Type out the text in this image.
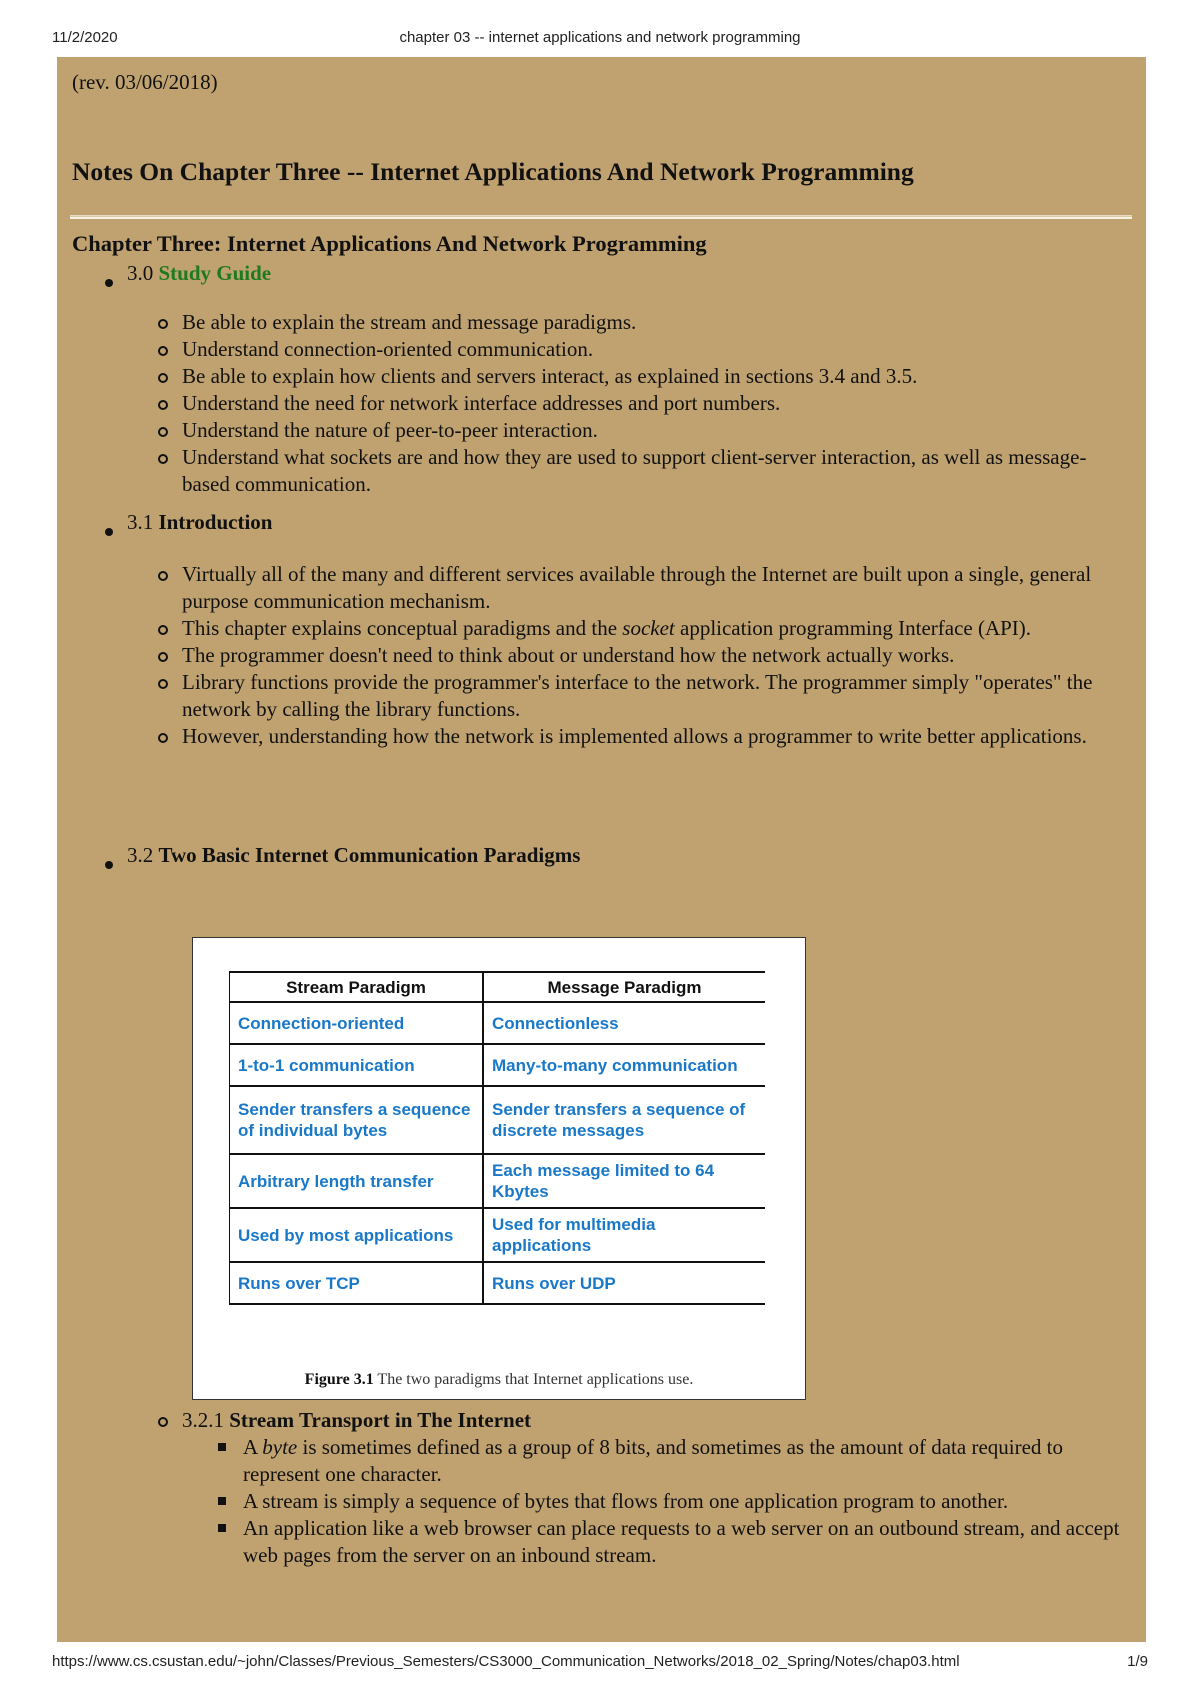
11/2/2020	chapter 03 -- internet applications and network programming
(rev. 03/06/2018)
Notes On Chapter Three -- Internet Applications And Network Programming
Chapter Three: Internet Applications And Network Programming
3.0 Study Guide
Be able to explain the stream and message paradigms.
Understand connection-oriented communication.
Be able to explain how clients and servers interact, as explained in sections 3.4 and 3.5.
Understand the need for network interface addresses and port numbers.
Understand the nature of peer-to-peer interaction.
Understand what sockets are and how they are used to support client-server interaction, as well as message-based communication.
3.1 Introduction
Virtually all of the many and different services available through the Internet are built upon a single, general purpose communication mechanism.
This chapter explains conceptual paradigms and the socket application programming Interface (API).
The programmer doesn't need to think about or understand how the network actually works.
Library functions provide the programmer's interface to the network. The programmer simply "operates" the network by calling the library functions.
However, understanding how the network is implemented allows a programmer to write better applications.
3.2 Two Basic Internet Communication Paradigms
Stream Paradigm	Message Paradigm
Connection-oriented	Connectionless
1-to-1 communication	Many-to-many communication
Sender transfers a sequence of individual bytes	Sender transfers a sequence of discrete messages
Arbitrary length transfer	Each message limited to 64 Kbytes
Used by most applications	Used for multimedia applications
Runs over TCP	Runs over UDP
Figure 3.1 The two paradigms that Internet applications use.
3.2.1 Stream Transport in The Internet
A byte is sometimes defined as a group of 8 bits, and sometimes as the amount of data required to represent one character.
A stream is simply a sequence of bytes that flows from one application program to another.
An application like a web browser can place requests to a web server on an outbound stream, and accept web pages from the server on an inbound stream.
https://www.cs.csustan.edu/~john/Classes/Previous_Semesters/CS3000_Communication_Networks/2018_02_Spring/Notes/chap03.html	1/9
